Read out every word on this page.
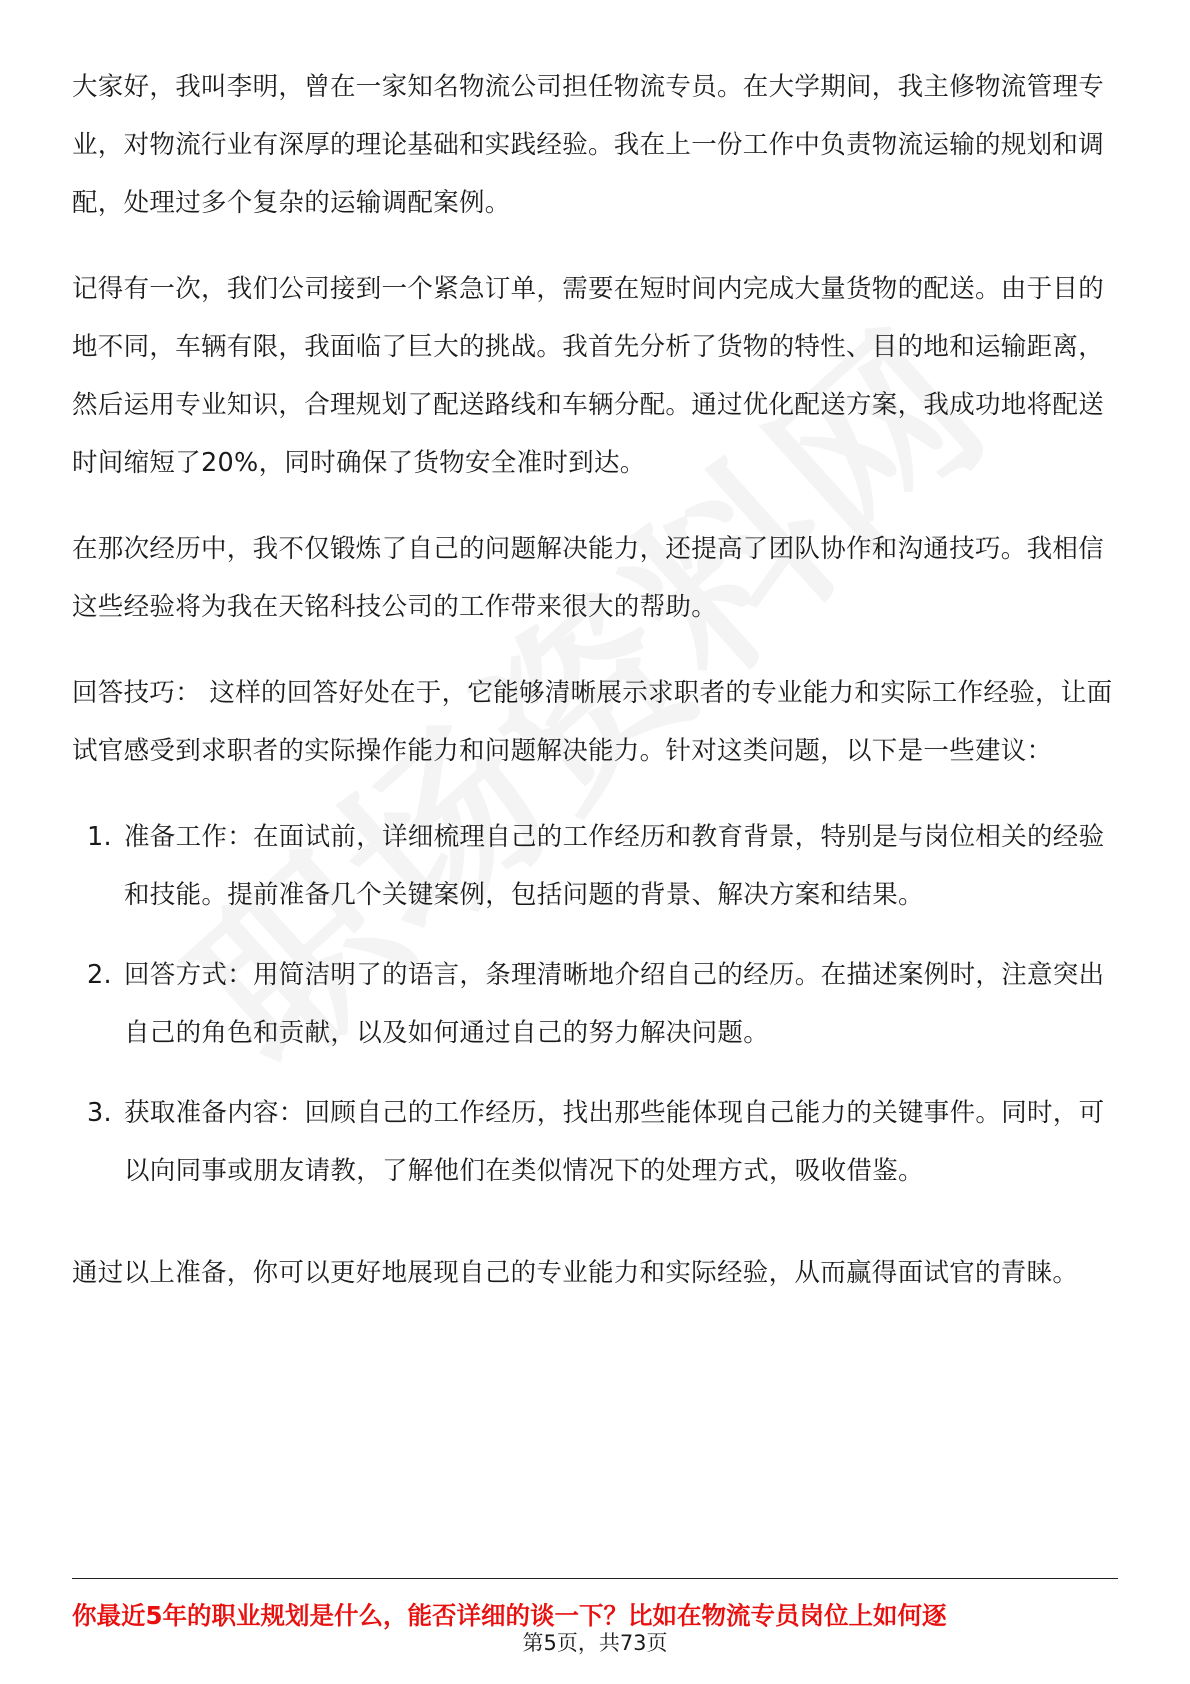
大家好，我叫李明，曾在一家知名物流公司担任物流专员。在大学期间，我主修物流管理专业，对物流行业有深厚的理论基础和实践经验。我在上一份工作中负责物流运输的规划和调配，处理过多个复杂的运输调配案例。

记得有一次，我们公司接到一个紧急订单，需要在短时间内完成大量货物的配送。由于目的地不同，车辆有限，我面临了巨大的挑战。我首先分析了货物的特性、目的地和运输距离，然后运用专业知识，合理规划了配送路线和车辆分配。通过优化配送方案，我成功地将配送时间缩短了20%，同时确保了货物安全准时到达。

在那次经历中，我不仅锻炼了自己的问题解决能力，还提高了团队协作和沟通技巧。我相信这些经验将为我在天铭科技公司的工作带来很大的帮助。

回答技巧： 这样的回答好处在于，它能够清晰展示求职者的专业能力和实际工作经验，让面试官感受到求职者的实际操作能力和问题解决能力。针对这类问题，以下是一些建议：

1. 准备工作：在面试前，详细梳理自己的工作经历和教育背景，特别是与岗位相关的经验和技能。提前准备几个关键案例，包括问题的背景、解决方案和结果。
2. 回答方式：用简洁明了的语言，条理清晰地介绍自己的经历。在描述案例时，注意突出自己的角色和贡献，以及如何通过自己的努力解决问题。
3. 获取准备内容：回顾自己的工作经历，找出那些能体现自己能力的关键事件。同时，可以向同事或朋友请教，了解他们在类似情况下的处理方式，吸收借鉴。

通过以上准备，你可以更好地展现自己的专业能力和实际经验，从而赢得面试官的青睐。

你最近5年的职业规划是什么，能否详细的谈一下？比如在物流专员岗位上如何逐
第5页，共73页
